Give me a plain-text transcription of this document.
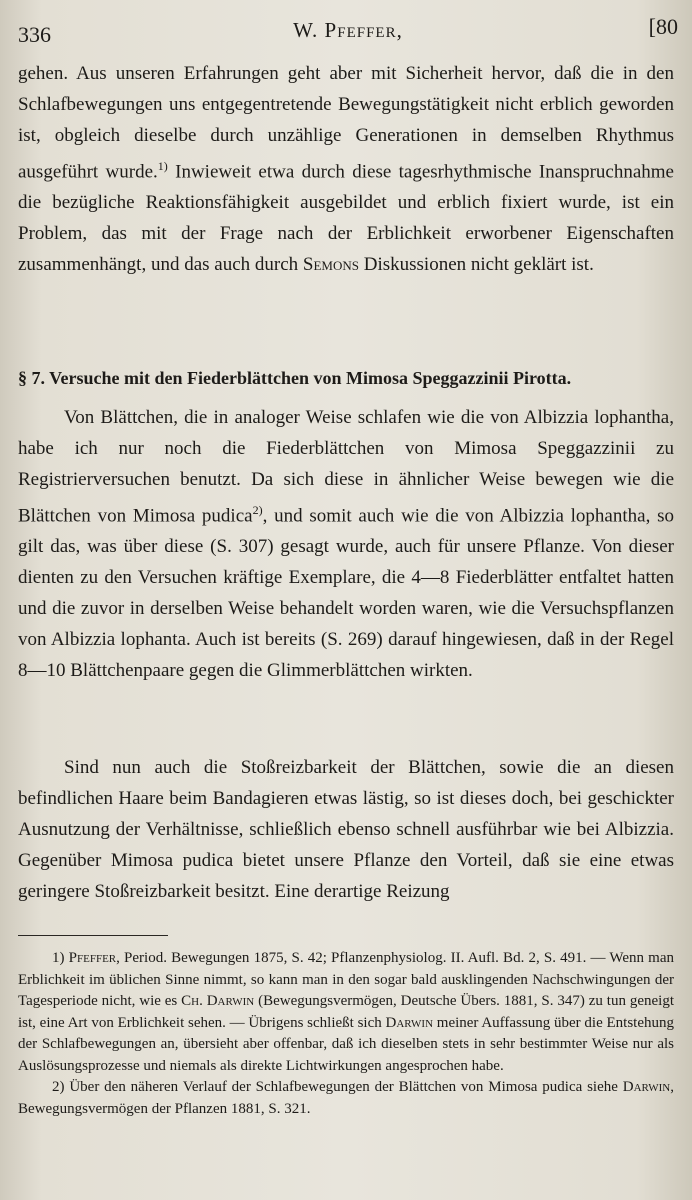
336	W. Pfeffer,	[80

gehen. Aus unseren Erfahrungen geht aber mit Sicherheit hervor, daß die in den Schlafbewegungen uns entgegentretende Bewegungstätigkeit nicht erblich geworden ist, obgleich dieselbe durch unzählige Generationen in demselben Rhythmus ausgeführt wurde.$^{1)}$ Inwieweit etwa durch diese tagesrhythmische Inanspruchnahme die bezügliche Reaktionsfähigkeit ausgebildet und erblich fixiert wurde, ist ein Problem, das mit der Frage nach der Erblichkeit erworbener Eigenschaften zusammenhängt, und das auch durch Semons Diskussionen nicht geklärt ist.

§ 7. Versuche mit den Fiederblättchen von Mimosa Speggazzinii Pirotta.

Von Blättchen, die in analoger Weise schlafen wie die von Albizzia lophantha, habe ich nur noch die Fiederblättchen von Mimosa Speggazzinii zu Registrierversuchen benutzt. Da sich diese in ähnlicher Weise bewegen wie die Blättchen von Mimosa pudica$^{2)}$, und somit auch wie die von Albizzia lophantha, so gilt das, was über diese (S. 307) gesagt wurde, auch für unsere Pflanze. Von dieser dienten zu den Versuchen kräftige Exemplare, die 4—8 Fiederblätter entfaltet hatten und die zuvor in derselben Weise behandelt worden waren, wie die Versuchspflanzen von Albizzia lophanta. Auch ist bereits (S. 269) darauf hingewiesen, daß in der Regel 8—10 Blättchenpaare gegen die Glimmerblättchen wirkten.

Sind nun auch die Stoßreizbarkeit der Blättchen, sowie die an diesen befindlichen Haare beim Bandagieren etwas lästig, so ist dieses doch, bei geschickter Ausnutzung der Verhältnisse, schließlich ebenso schnell ausführbar wie bei Albizzia. Gegenüber Mimosa pudica bietet unsere Pflanze den Vorteil, daß sie eine etwas geringere Stoßreizbarkeit besitzt. Eine derartige Reizung

1) Pfeffer, Period. Bewegungen 1875, S. 42; Pflanzenphysiolog. II. Aufl. Bd. 2, S. 491. — Wenn man Erblichkeit im üblichen Sinne nimmt, so kann man in den sogar bald ausklingenden Nachschwingungen der Tagesperiode nicht, wie es Ch. Darwin (Bewegungsvermögen, Deutsche Übers. 1881, S. 347) zu tun geneigt ist, eine Art von Erblichkeit sehen. — Übrigens schließt sich Darwin meiner Auffassung über die Entstehung der Schlafbewegungen an, übersieht aber offenbar, daß ich dieselben stets in sehr bestimmter Weise nur als Auslösungsprozesse und niemals als direkte Lichtwirkungen angesprochen habe.

2) Über den näheren Verlauf der Schlafbewegungen der Blättchen von Mimosa pudica siehe Darwin, Bewegungsvermögen der Pflanzen 1881, S. 321.
